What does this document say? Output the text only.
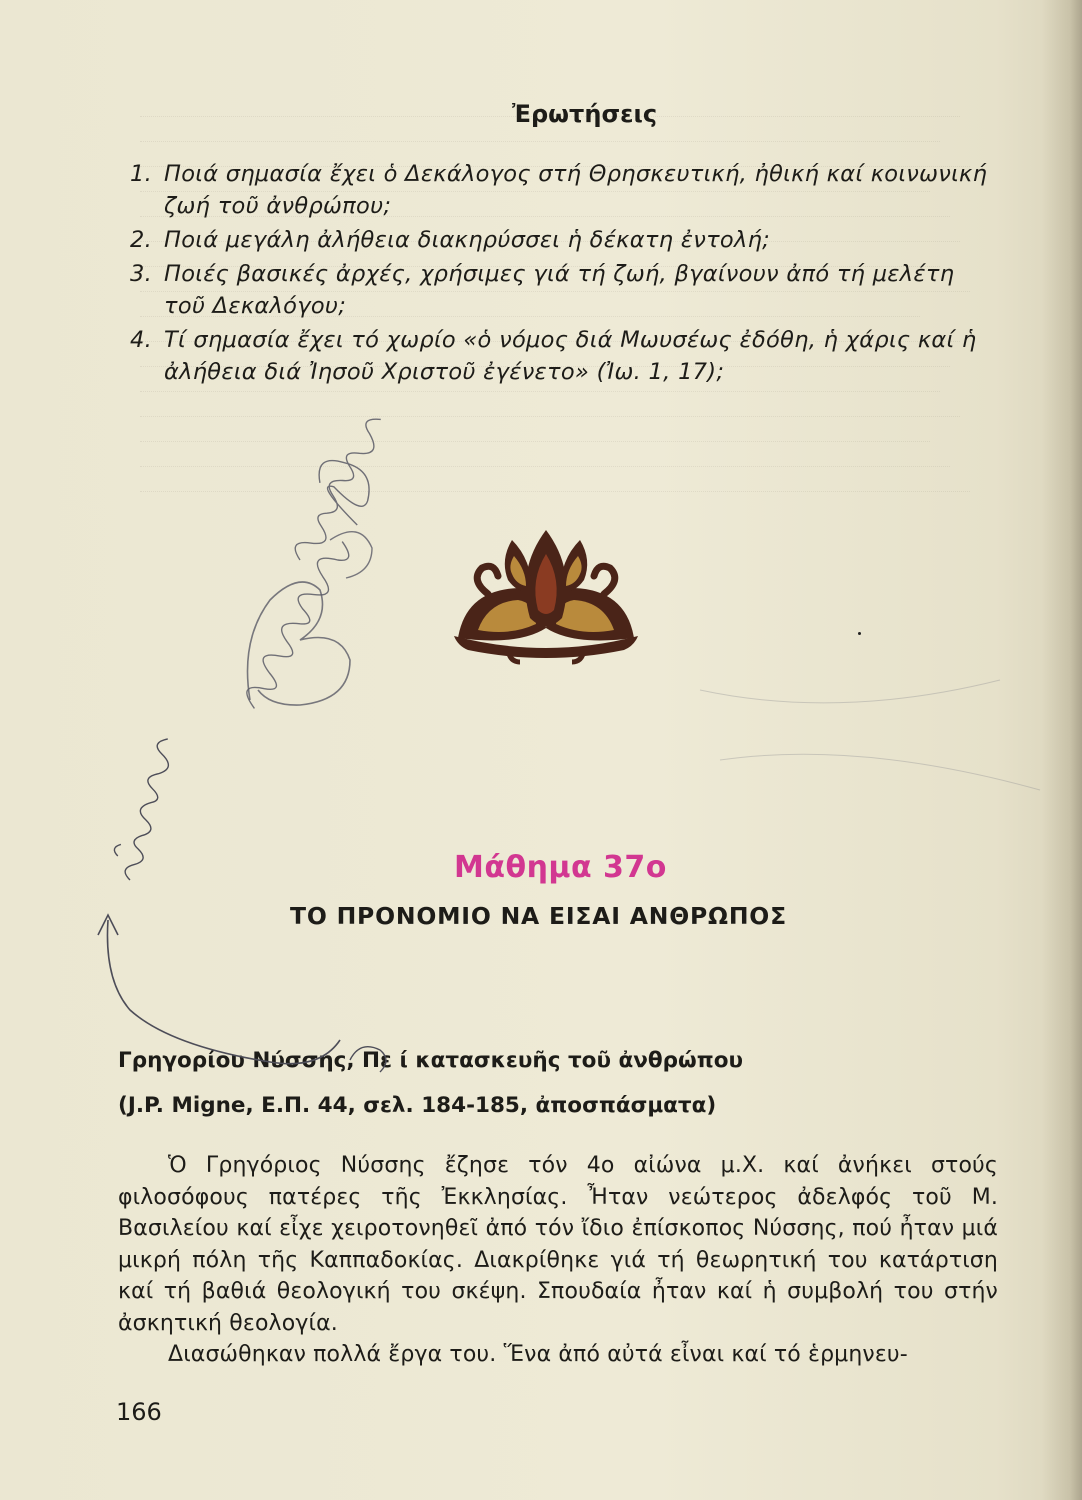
Ἐρωτήσεις

1. Ποιά σημασία ἔχει ὁ Δεκάλογος στή Θρησκευτική, ἠθική καί κοινωνική ζωή τοῦ ἀνθρώπου;

2. Ποιά μεγάλη ἀλήθεια διακηρύσσει ἡ δέκατη ἐντολή;

3. Ποιές βασικές ἀρχές, χρήσιμες γιά τή ζωή, βγαίνουν ἀπό τή μελέτη τοῦ Δεκαλόγου;

4. Τί σημασία ἔχει τό χωρίο «ὁ νόμος διά Μωυσέως ἐδόθη, ἡ χάρις καί ἡ ἀλήθεια διά Ἰησοῦ Χριστοῦ ἐγένετο» (Ἰω. 1, 17);

Μάθημα 37ο
ΤΟ ΠΡΟΝΟΜΙΟ ΝΑ ΕΙΣΑΙ ΑΝΘΡΩΠΟΣ
Γρηγορίου Νύσσης, Πε ί κατασκευῆς τοῦ ἀνθρώπου
(J.P. Migne, Ε.Π. 44, σελ. 184-185, ἀποσπάσματα)

Ὁ Γρηγόριος Νύσσης ἔζησε τόν 4ο αἰώνα μ.Χ. καί ἀνήκει στούς φιλοσόφους πατέρες τῆς Ἐκκλησίας. Ἦταν νεώτερος ἀδελφός τοῦ Μ. Βασιλείου καί εἶχε χειροτονηθεῖ ἀπό τόν ἴδιο ἐπίσκοπος Νύσσης, πού ἦταν μιά μικρή πόλη τῆς Καππαδοκίας. Διακρίθηκε γιά τή θεωρητική του κατάρτιση καί τή βαθιά θεολογική του σκέψη. Σπουδαία ἦταν καί ἡ συμβολή του στήν ἀσκητική θεολογία.

Διασώθηκαν πολλά ἔργα του. Ἕνα ἀπό αὐτά εἶναι καί τό ἑρμηνευ-

166
